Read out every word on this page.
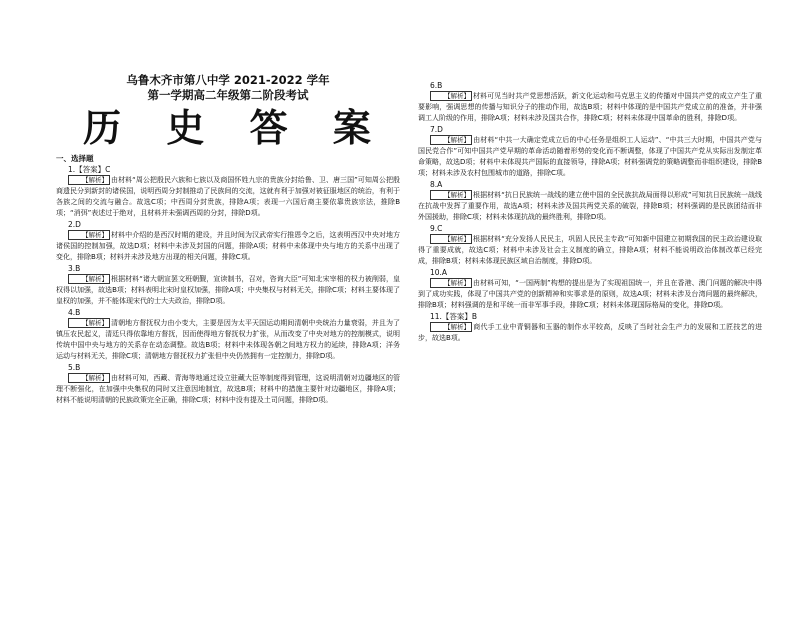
乌鲁木齐市第八中学 2021-2022 学年
第一学期高二年级第二阶段考试
历 史 答 案
一、选择题
1.【答案】C
【解析】 由材料“周公把殷民六族和七族以及商国怀姓九宗的贵族分封给鲁、卫、唐三国”可知周公把殷商遗民分到新封的诸侯国，说明西周分封制推动了民族间的交流，这就有利于加强对被征服地区的统治，有利于各族之间的交流与融合。故选C项；中西周分封贵族，排除A项；表现一六国后裔主要依靠贵族宗法，推除B项；“消弭”表述过于绝对，且材料并未强调西周的分封，排除D项。
2.D
【解析】 材料中介绍的是西汉时期的建设，并且时间为汉武帝实行推恩令之后，这表明西汉中央对地方诸侯国的控制加强，故选D项；材料中未涉及封国的问题，排除A项；材料中未体现中央与地方的关系中出现了变化，排除B项；材料并未涉及地方出现的相关问题，排除C项。
3.B
【解析】 根据材料“诸大朝宣罢文班朝觐，宣读制书，召对，咨询大臣”可知北宋宰相的权力被削弱，皇权得以加强，故选B项；材料表明北宋时皇权加强，排除A项；中央集权与材料无关，排除C项；材料主要体现了皇权的加强，并不能体现宋代的士大夫政治，排除D项。
4.B
【解析】 清朝地方督抚权力由小变大，主要是因为太平天国运动期间清朝中央统治力量衰弱，并且为了镇压农民起义，清廷只得依靠地方督抚，因而使得地方督抚权力扩张，从而改变了中央对地方的控制模式，说明传统中国中央与地方的关系存在动态调整。故选B项；材料中未体现各朝之间地方权力的延续，排除A项；洋务运动与材料无关，排除C项；清朝地方督抚权力扩张但中央仍然拥有一定控制力，排除D项。
5.B
【解析】 由材料可知，西藏、青海等地通过设立驻藏大臣等制度得到管理，这说明清朝对边疆地区的管理不断强化，在加强中央集权的同时又注意因地制宜，故选B项；材料中的措施主要针对边疆地区，排除A项；材料不能说明清朝的民族政策完全正确，排除C项；材料中没有提及土司问题，排除D项。
6.B
【解析】 材料可见当时共产党思想活跃，新文化运动和马克思主义的传播对中国共产党的成立产生了重要影响，强调思想的传播与知识分子的推动作用，故选B项；材料中体现的是中国共产党成立前的准备，并非强调工人阶级的作用，排除A项；材料未涉及国共合作，排除C项；材料未体现中国革命的胜利，排除D项。
7.D
【解析】 由材料“中共一大确定党成立后的中心任务是组织工人运动”、“中共三大时期，中国共产党与国民党合作”可知中国共产党早期的革命活动随着形势的变化而不断调整，体现了中国共产党从实际出发制定革命策略，故选D项；材料中未体现共产国际的直接领导，排除A项；材料强调党的策略调整而非组织建设，排除B项；材料未涉及农村包围城市的道路，排除C项。
8.A
【解析】 根据材料“抗日民族统一战线的建立使中国的全民族抗战局面得以形成”可知抗日民族统一战线在抗战中发挥了重要作用，故选A项；材料未涉及国共两党关系的破裂，排除B项；材料强调的是民族团结而非外国援助，排除C项；材料未体现抗战的最终胜利，排除D项。
9.C
【解析】 根据材料“充分发扬人民民主，巩固人民民主专政”可知新中国建立初期我国的民主政治建设取得了重要成就，故选C项；材料中未涉及社会主义制度的确立，排除A项；材料不能说明政治体制改革已经完成，排除B项；材料未体现民族区域自治制度，排除D项。
10.A
【解析】 由材料可知，“一国两制”构想的提出是为了实现祖国统一，并且在香港、澳门问题的解决中得到了成功实践，体现了中国共产党的创新精神和实事求是的原则，故选A项；材料未涉及台湾问题的最终解决，排除B项；材料强调的是和平统一而非军事手段，排除C项；材料未体现国际格局的变化，排除D项。
11.【答案】B
【解析】 商代手工业中青铜器和玉器的制作水平较高，反映了当时社会生产力的发展和工匠技艺的进步，故选B项。
